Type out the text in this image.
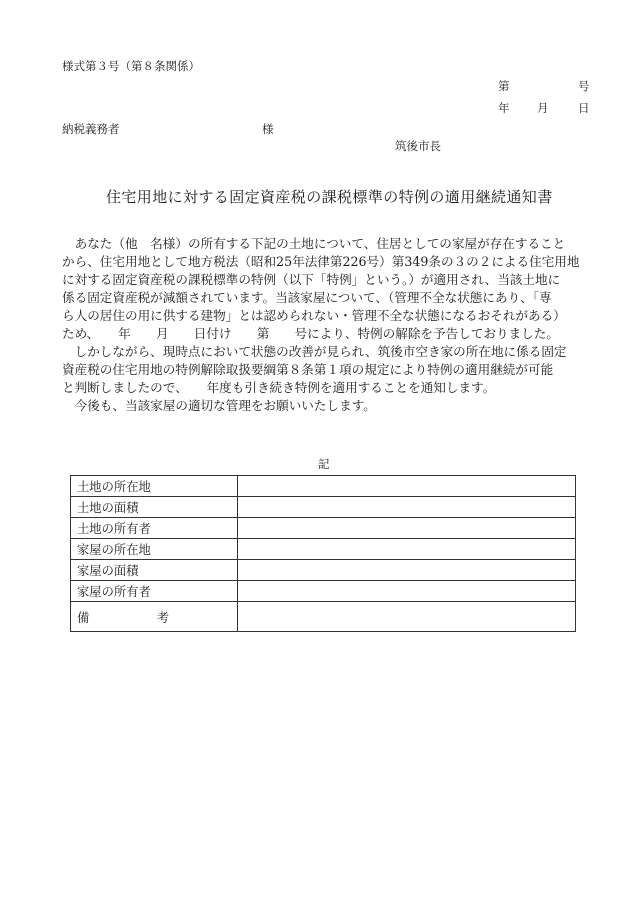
様式第３号（第８条関係）
第	号
年 月	日
納税義務者	様
筑後市長
住宅用地に対する固定資産税の課税標準の特例の適用継続通知書
　あなた（他　名様）の所有する下記の土地について、住居としての家屋が存在すること
から、住宅用地として地方税法（昭和25年法律第226号）第349条の３の２による住宅用地
に対する固定資産税の課税標準の特例（以下「特例」という。）が適用され、当該土地に
係る固定資産税が減額されています。当該家屋について、（管理不全な状態にあり、「専
ら人の居住の用に供する建物」とは認められない・管理不全な状態になるおそれがある）
ため、　　年　　月　　日付け　　第　　号により、特例の解除を予告しておりました。
　しかしながら、現時点において状態の改善が見られ、筑後市空き家の所在地に係る固定
資産税の住宅用地の特例解除取扱要綱第８条第１項の規定により特例の適用継続が可能
と判断しましたので、　　年度も引き続き特例を適用することを通知します。
　今後も、当該家屋の適切な管理をお願いいたします。
記
土地の所在地	
土地の面積	
土地の所有者	
家屋の所在地	
家屋の面積	
家屋の所有者	

備 考	
